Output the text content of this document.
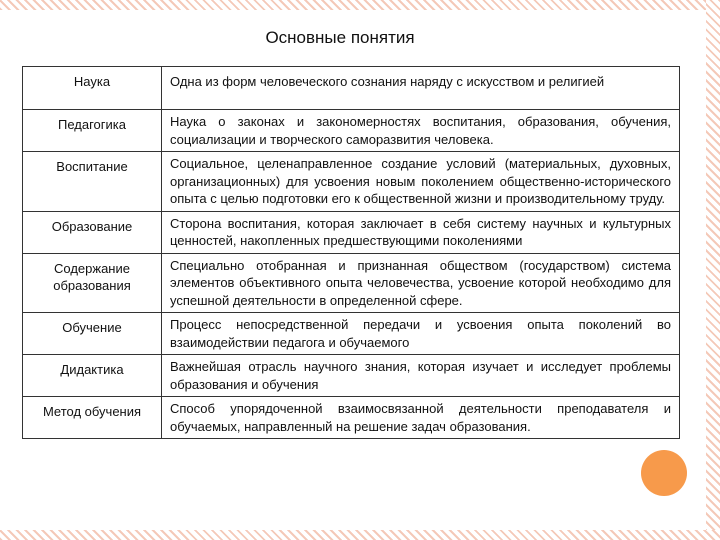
Основные понятия
Наука	Одна из форм человеческого сознания наряду с искусством и религией
Педагогика	Наука о законах и закономерностях воспитания, образования, обучения, социализации и творческого саморазвития человека.
Воспитание	Социальное, целенаправленное создание условий (материальных, духовных, организационных) для усвоения новым поколением общественно-исторического опыта с целью подготовки его к общественной жизни и производительному труду.
Образование	Сторона воспитания, которая заключает в себя систему научных и культурных ценностей, накопленных предшествующими поколениями
Содержание образования	Специально отобранная и признанная обществом (государством) система элементов объективного опыта человечества, усвоение которой необходимо для успешной деятельности в определенной сфере.
Обучение	Процесс непосредственной передачи и усвоения опыта поколений во взаимодействии педагога и обучаемого
Дидактика	Важнейшая отрасль научного знания, которая изучает и исследует проблемы образования и обучения
Метод обучения	Способ упорядоченной взаимосвязанной деятельности преподавателя и обучаемых, направленный на решение задач образования.
